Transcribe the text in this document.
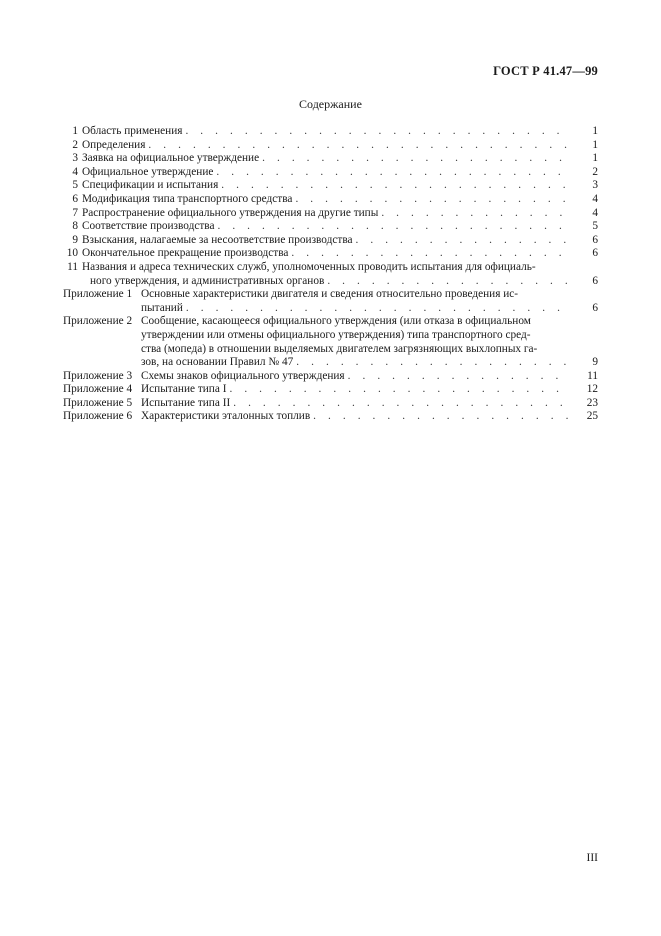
ГОСТ Р 41.47—99
Содержание
1 Область применения . . .	1
2 Определения . . .	1
3 Заявка на официальное утверждение . . .	1
4 Официальное утверждение . . .	2
5 Спецификации и испытания . . .	3
6 Модификация типа транспортного средства . . .	4
7 Распространение официального утверждения на другие типы . . .	4
8 Соответствие производства . . .	5
9 Взыскания, налагаемые за несоответствие производства . . .	6
10 Окончательное прекращение производства . . .	6
11 Названия и адреса технических служб, уполномоченных проводить испытания для официаль-
ного утверждения, и административных органов . . .	6
Приложение 1 Основные характеристики двигателя и сведения относительно проведения ис-
пытаний . . .	6
Приложение 2 Сообщение, касающееся официального утверждения (или отказа в официальном
утверждении или отмены официального утверждения) типа транспортного сред-
ства (мопеда) в отношении выделяемых двигателем загрязняющих выхлопных га-
зов, на основании Правил № 47 . . .	9
Приложение 3 Схемы знаков официального утверждения . . .	11
Приложение 4 Испытание типа I . . .	12
Приложение 5 Испытание типа II . . .	23
Приложение 6 Характеристики эталонных топлив . . .	25
III
